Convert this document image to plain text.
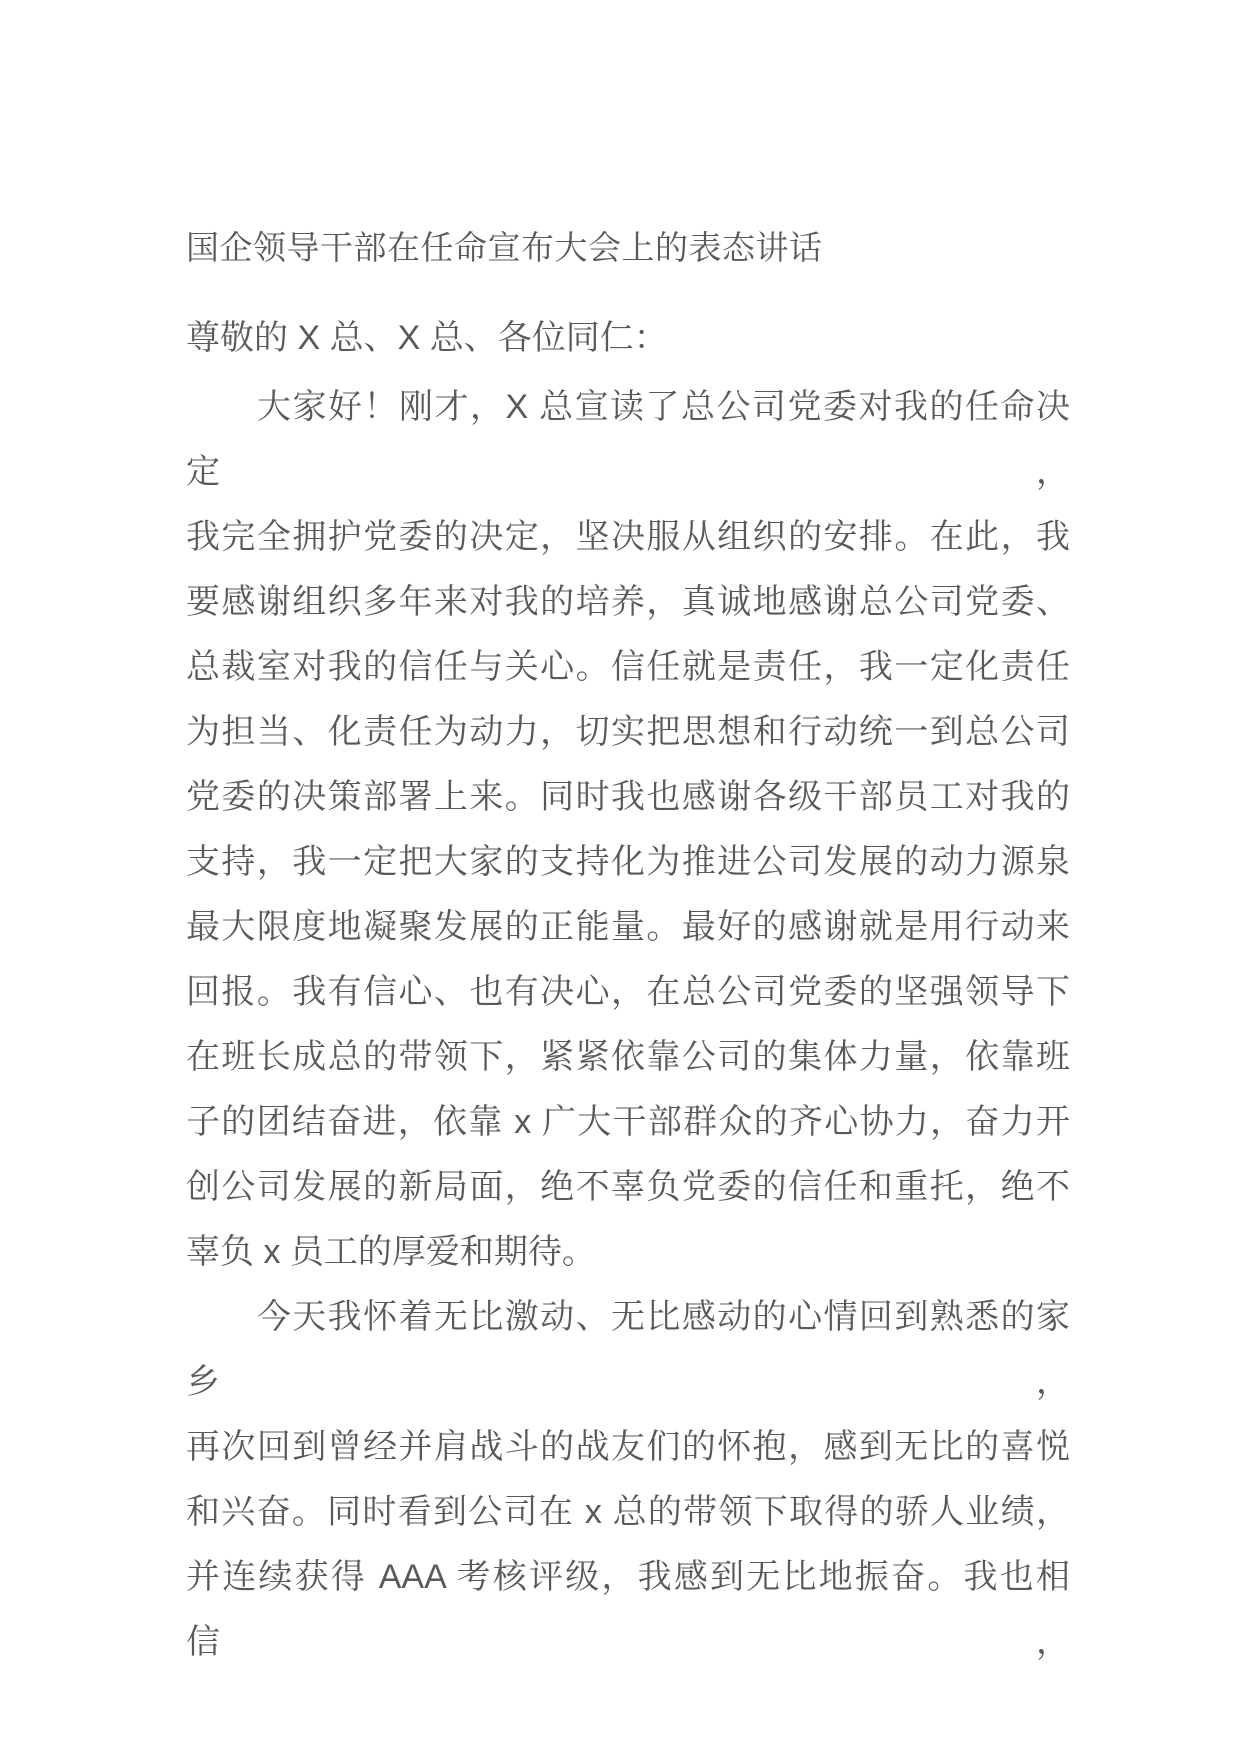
国企领导干部在任命宣布大会上的表态讲话
尊敬的 X 总、X 总、各位同仁：
　　大家好！刚才，X 总宣读了总公司党委对我的任命决定，
我完全拥护党委的决定，坚决服从组织的安排。在此，我
要感谢组织多年来对我的培养，真诚地感谢总公司党委、
总裁室对我的信任与关心。信任就是责任，我一定化责任
为担当、化责任为动力，切实把思想和行动统一到总公司
党委的决策部署上来。同时我也感谢各级干部员工对我的
支持，我一定把大家的支持化为推进公司发展的动力源泉
最大限度地凝聚发展的正能量。最好的感谢就是用行动来
回报。我有信心、也有决心，在总公司党委的坚强领导下
在班长成总的带领下，紧紧依靠公司的集体力量，依靠班
子的团结奋进，依靠 x 广大干部群众的齐心协力，奋力开
创公司发展的新局面，绝不辜负党委的信任和重托，绝不
辜负 x 员工的厚爱和期待。
　　今天我怀着无比激动、无比感动的心情回到熟悉的家乡，
再次回到曾经并肩战斗的战友们的怀抱，感到无比的喜悦
和兴奋。同时看到公司在 x 总的带领下取得的骄人业绩，
并连续获得 AAA 考核评级，我感到无比地振奋。我也相信，
